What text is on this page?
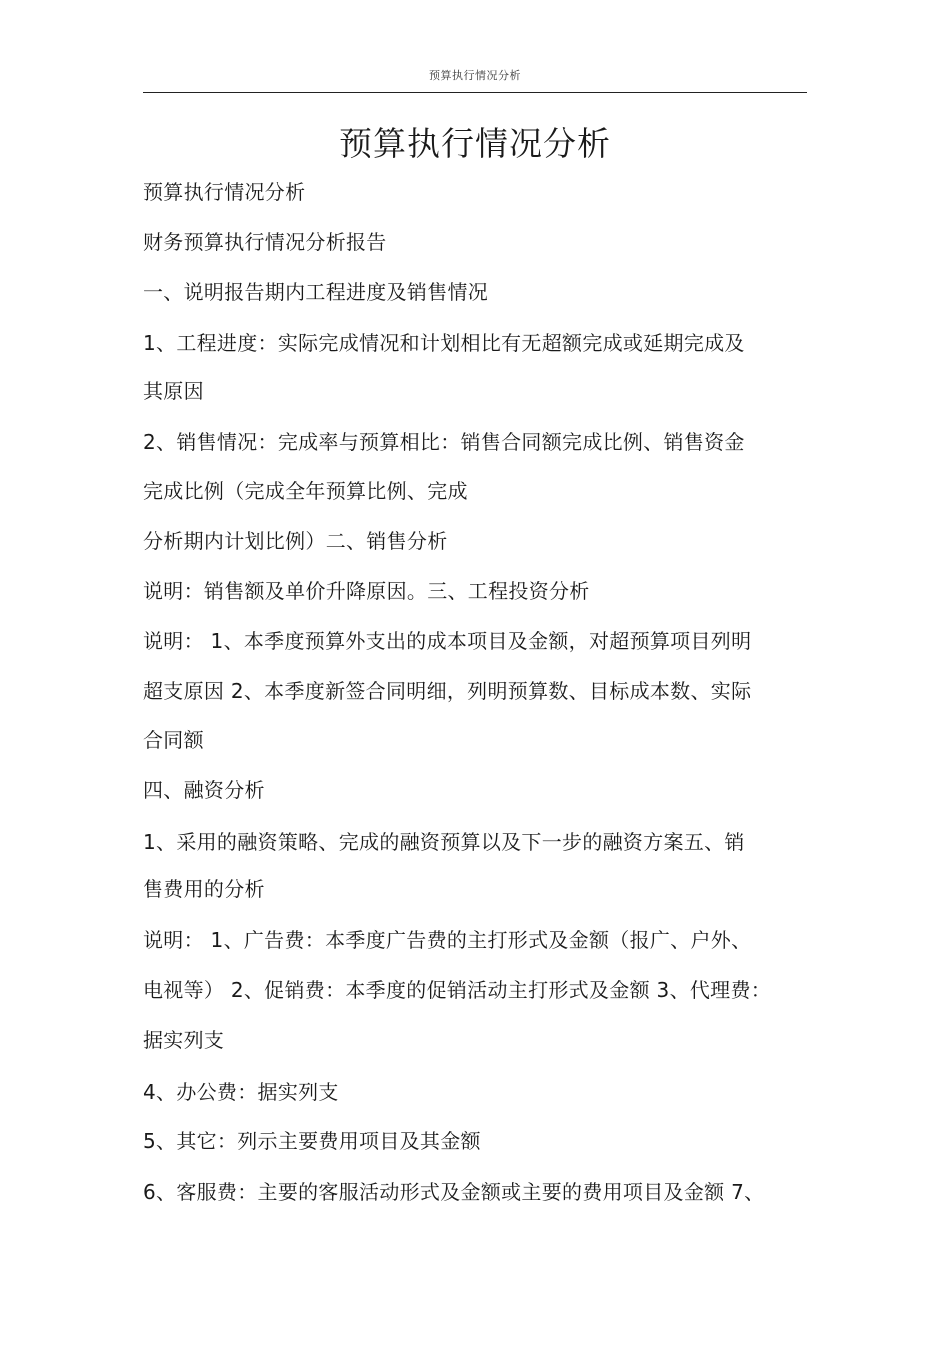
预算执行情况分析
预算执行情况分析
预算执行情况分析
财务预算执行情况分析报告
一、说明报告期内工程进度及销售情况
1、工程进度：实际完成情况和计划相比有无超额完成或延期完成及
其原因
2、销售情况：完成率与预算相比：销售合同额完成比例、销售资金
完成比例（完成全年预算比例、完成
分析期内计划比例）二、销售分析
说明：销售额及单价升降原因。三、工程投资分析
说明： 1、本季度预算外支出的成本项目及金额，对超预算项目列明
超支原因 2、本季度新签合同明细，列明预算数、目标成本数、实际
合同额
四、融资分析
1、采用的融资策略、完成的融资预算以及下一步的融资方案五、销
售费用的分析
说明： 1、广告费：本季度广告费的主打形式及金额（报广、户外、
电视等） 2、促销费：本季度的促销活动主打形式及金额 3、代理费：
据实列支
4、办公费：据实列支
5、其它：列示主要费用项目及其金额
6、客服费：主要的客服活动形式及金额或主要的费用项目及金额 7、
